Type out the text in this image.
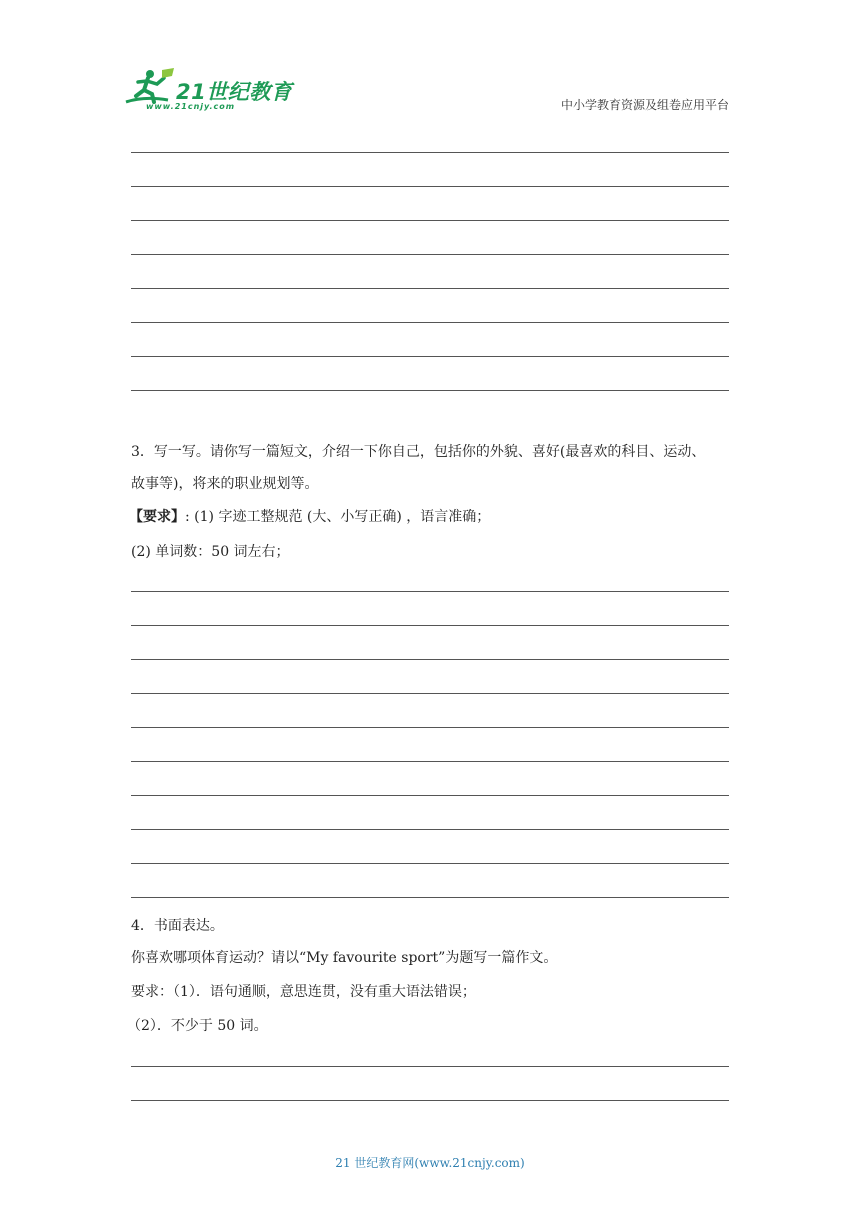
21世纪教育
www.21cnjy.com	中小学教育资源及组卷应用平台
3．写一写。请你写一篇短文，介绍一下你自己，包括你的外貌、喜好(最喜欢的科目、运动、
故事等)，将来的职业规划等。
【要求】: (1) 字迹工整规范 (大、小写正确) ，语言准确；
(2) 单词数：50 词左右；
4．书面表达。
你喜欢哪项体育运动？请以“My favourite sport”为题写一篇作文。
要求：（1）．语句通顺，意思连贯，没有重大语法错误；
（2）．不少于 50 词。
21 世纪教育网(www.21cnjy.com)
